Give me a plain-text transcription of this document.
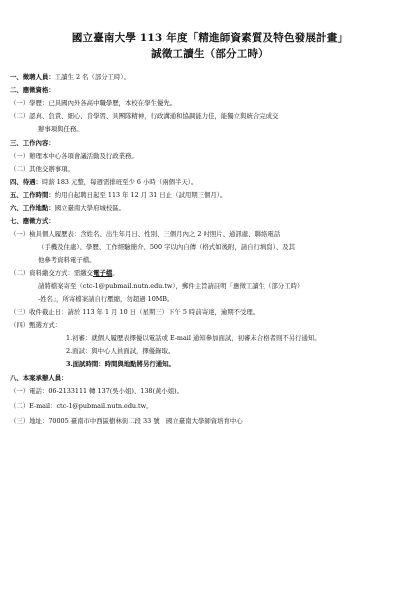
國立臺南大學 113 年度「精進師資素質及特色發展計畫」
誠徵工讀生（部分工時）
一、徵聘人員：工讀生 2 名（部分工時）。
二、應徵資格：
（一）學歷：已具國內外各高中職學歷，本校在學生優先。
（二）認真、負責、細心、肯學習、具團隊精神，行政溝通和協調能力佳，能獨立與統合完成交
辦事項與任務。
三、工作內容：
（一）辦理本中心各項會議活動及行政業務。
（二）其他交辦事項。
四、待遇：時薪 183 元整，每週需排班至少 6 小時（兩個半天）。
五、工作時間：約用自起聘日起至 113 年 12 月 31 日止（試用期三個月）。
六、工作地點：國立臺南大學府城校區。
七、應徵方式：
（一）檢具個人履歷表：含姓名、出生年月日、性別、三個月內之 2 吋照片、通訊處、聯絡電話
（手機及住處）、學歷、工作經驗簡介、500 字以內自傳（格式如後附，請自行填寫）、及其
他參考資料電子檔。
（二）資料繳交方式：需繳交電子檔。
請將檔案寄至（ctc-1@pubmail.nutn.edu.tw），郵件主旨請註明「應徵工讀生（部分工時）
-姓名」，所寄檔案請自行壓縮，勿超過 10MB。
（三）收件截止日：請於 113 年 1 月 10 日（星期三）下午 5 時前寄達，逾期不受理。
（四）甄選方式：
1.初審：就個人履歷表擇優以電話或 E-mail 通知參加面試，初審未合格者則不另行通知。
2.面試：與中心人員面試，擇優錄取。
3.面試時間：時間與地點將另行通知。
八、本案承辦人員：
（一）電話：06-2133111 轉 137(吳小姐)、138(黃小姐)。
（二）E-mail：ctc-1@pubmail.nutn.edu.tw。
（三）地址：70005 臺南市中西區樹林街二段 33 號　國立臺南大學師資培育中心
